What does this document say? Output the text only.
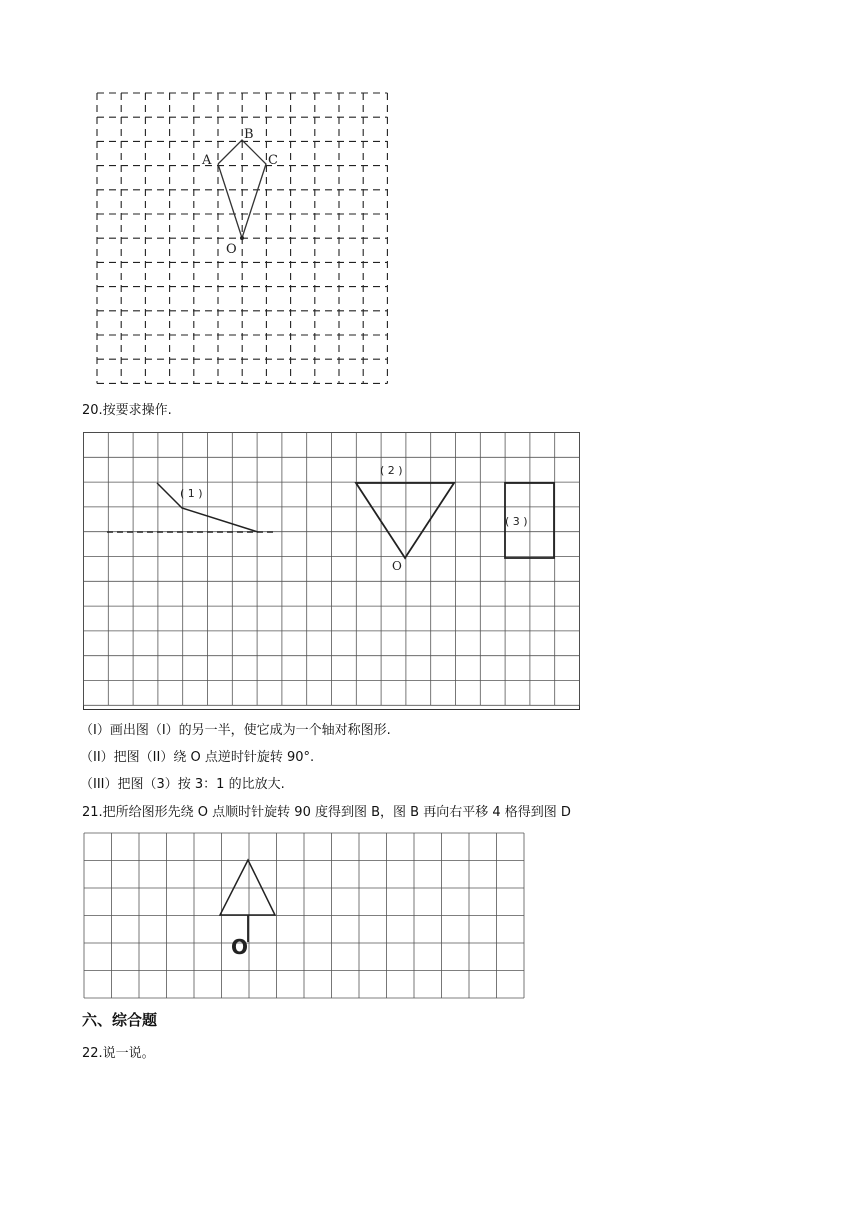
A
B
C
O
20.按要求操作.
( 1 )
( 2 )
O
( 3 )
（I）画出图（I）的另一半，使它成为一个轴对称图形.
（II）把图（II）绕 O 点逆时针旋转 90°.
（III）把图（3）按 3：1 的比放大.
21.把所给图形先绕 O 点顺时针旋转 90 度得到图 B，图 B 再向右平移 4 格得到图 D
O
六、综合题
22.说一说。
